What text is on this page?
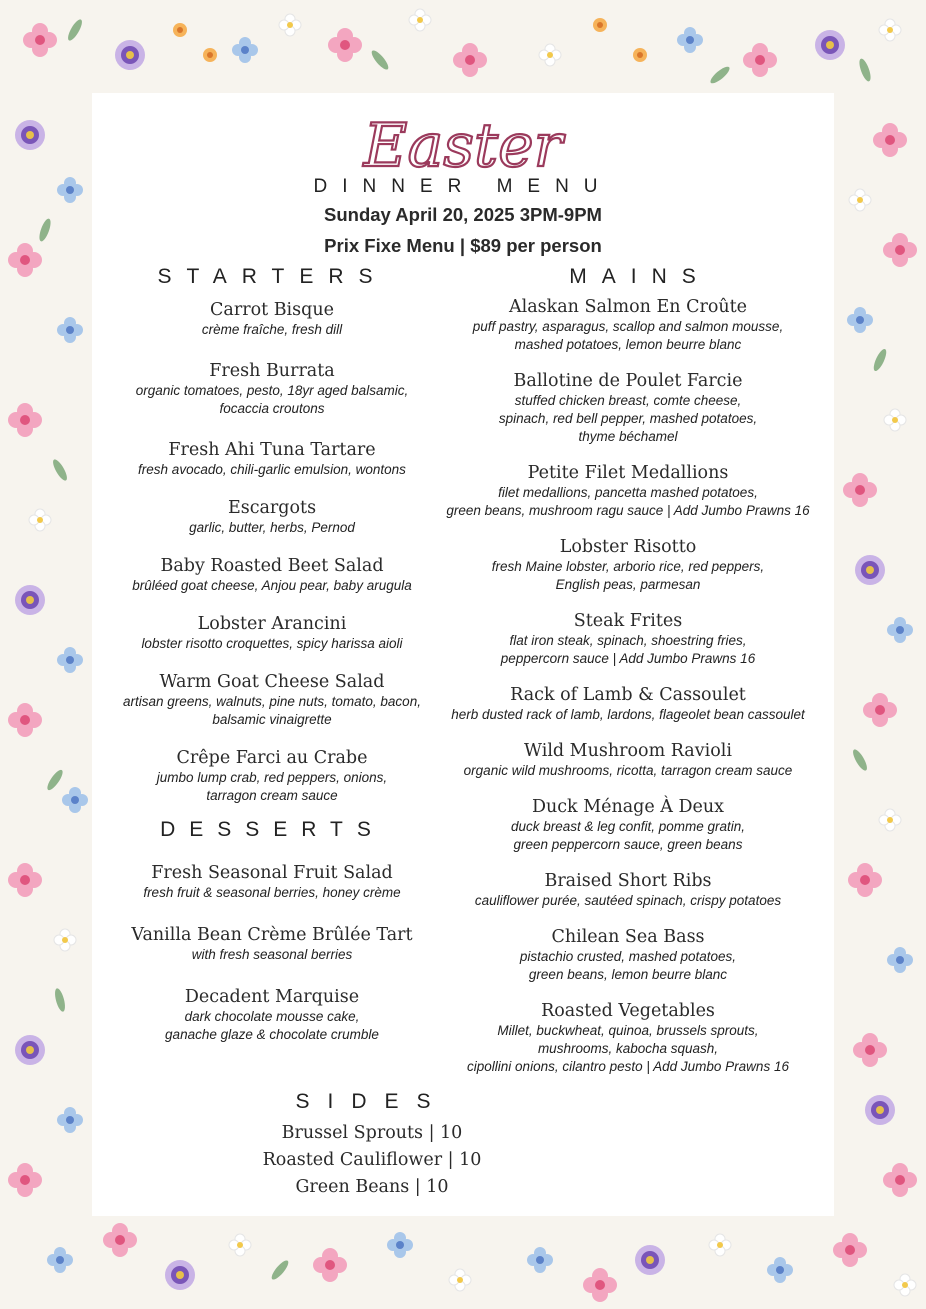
Easter
DINNER MENU
Sunday April 20, 2025 3PM-9PM
Prix Fixe Menu | $89 per person
STARTERS	MAINS
DESSERTS
SIDES
Carrot Bisque
crème fraîche, fresh dill
Fresh Burrata
organic tomatoes, pesto, 18yr aged balsamic,
focaccia croutons
Fresh Ahi Tuna Tartare
fresh avocado, chili-garlic emulsion, wontons
Escargots
garlic, butter, herbs, Pernod
Baby Roasted Beet Salad
brûléed goat cheese, Anjou pear, baby arugula
Lobster Arancini
lobster risotto croquettes, spicy harissa aioli
Warm Goat Cheese Salad
artisan greens, walnuts, pine nuts, tomato, bacon,
balsamic vinaigrette
Crêpe Farci au Crabe
jumbo lump crab, red peppers, onions,
tarragon cream sauce
Fresh Seasonal Fruit Salad
fresh fruit & seasonal berries, honey crème
Vanilla Bean Crème Brûlée Tart
with fresh seasonal berries
Decadent Marquise
dark chocolate mousse cake,
ganache glaze & chocolate crumble
Alaskan Salmon En Croûte
puff pastry, asparagus, scallop and salmon mousse,
mashed potatoes, lemon beurre blanc
Ballotine de Poulet Farcie
stuffed chicken breast, comte cheese,
spinach, red bell pepper, mashed potatoes,
thyme béchamel
Petite Filet Medallions
filet medallions, pancetta mashed potatoes,
green beans, mushroom ragu sauce | Add Jumbo Prawns 16
Lobster Risotto
fresh Maine lobster, arborio rice, red peppers,
English peas, parmesan
Steak Frites
flat iron steak, spinach, shoestring fries,
peppercorn sauce | Add Jumbo Prawns 16
Rack of Lamb & Cassoulet
herb dusted rack of lamb, lardons, flageolet bean cassoulet
Wild Mushroom Ravioli
organic wild mushrooms, ricotta, tarragon cream sauce
Duck Ménage À Deux
duck breast & leg confit, pomme gratin,
green peppercorn sauce, green beans
Braised Short Ribs
cauliflower purée, sautéed spinach, crispy potatoes
Chilean Sea Bass
pistachio crusted, mashed potatoes,
green beans, lemon beurre blanc
Roasted Vegetables
Millet, buckwheat, quinoa, brussels sprouts,
mushrooms, kabocha squash,
cipollini onions, cilantro pesto | Add Jumbo Prawns 16
Brussel Sprouts | 10
Roasted Cauliflower | 10
Green Beans | 10
